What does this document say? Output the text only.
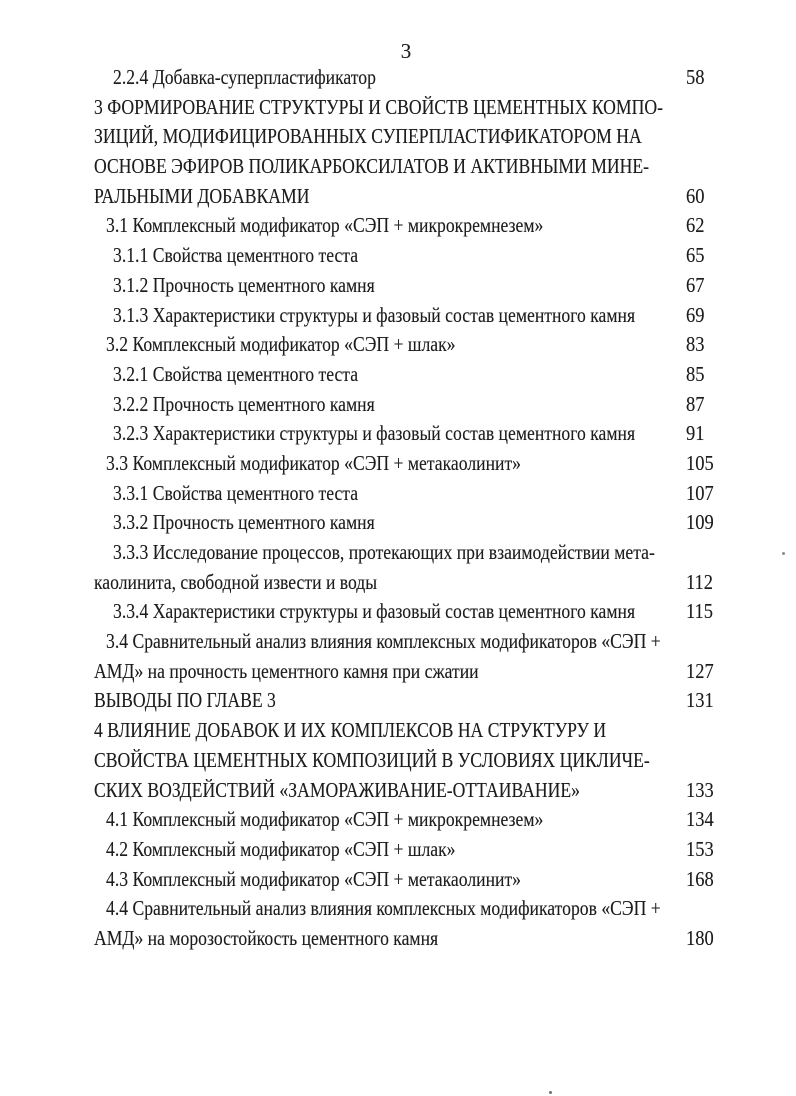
3
2.2.4 Добавка-суперпластификатор	58
3 ФОРМИРОВАНИЕ СТРУКТУРЫ И СВОЙСТВ ЦЕМЕНТНЫХ КОМПО-
ЗИЦИЙ, МОДИФИЦИРОВАННЫХ СУПЕРПЛАСТИФИКАТОРОМ НА
ОСНОВЕ ЭФИРОВ ПОЛИКАРБОКСИЛАТОВ И АКТИВНЫМИ МИНЕ-
РАЛЬНЫМИ ДОБАВКАМИ	60
3.1 Комплексный модификатор «СЭП + микрокремнезем»	62
3.1.1 Свойства цементного теста	65
3.1.2 Прочность цементного камня	67
3.1.3 Характеристики структуры и фазовый состав цементного камня 69
3.2 Комплексный модификатор «СЭП + шлак»	83
3.2.1 Свойства цементного теста	85
3.2.2 Прочность цементного камня	87
3.2.3 Характеристики структуры и фазовый состав цементного камня 91
3.3 Комплексный модификатор «СЭП + метакаолинит»	105
3.3.1 Свойства цементного теста	107
3.3.2 Прочность цементного камня	109
3.3.3 Исследование процессов, протекающих при взаимодействии мета-
каолинита, свободной извести и воды	112
3.3.4 Характеристики структуры и фазовый состав цементного камня 115
3.4 Сравнительный анализ влияния комплексных модификаторов «СЭП +
АМД» на прочность цементного камня при сжатии	127
ВЫВОДЫ ПО ГЛАВЕ 3	131
4 ВЛИЯНИЕ ДОБАВОК И ИХ КОМПЛЕКСОВ НА СТРУКТУРУ И
СВОЙСТВА ЦЕМЕНТНЫХ КОМПОЗИЦИЙ В УСЛОВИЯХ ЦИКЛИЧЕ-
СКИХ ВОЗДЕЙСТВИЙ «ЗАМОРАЖИВАНИЕ-ОТТАИВАНИЕ»	133
4.1 Комплексный модификатор «СЭП + микрокремнезем»	134
4.2 Комплексный модификатор «СЭП + шлак»	153
4.3 Комплексный модификатор «СЭП + метакаолинит»	168
4.4 Сравнительный анализ влияния комплексных модификаторов «СЭП +
АМД» на морозостойкость цементного камня	180
